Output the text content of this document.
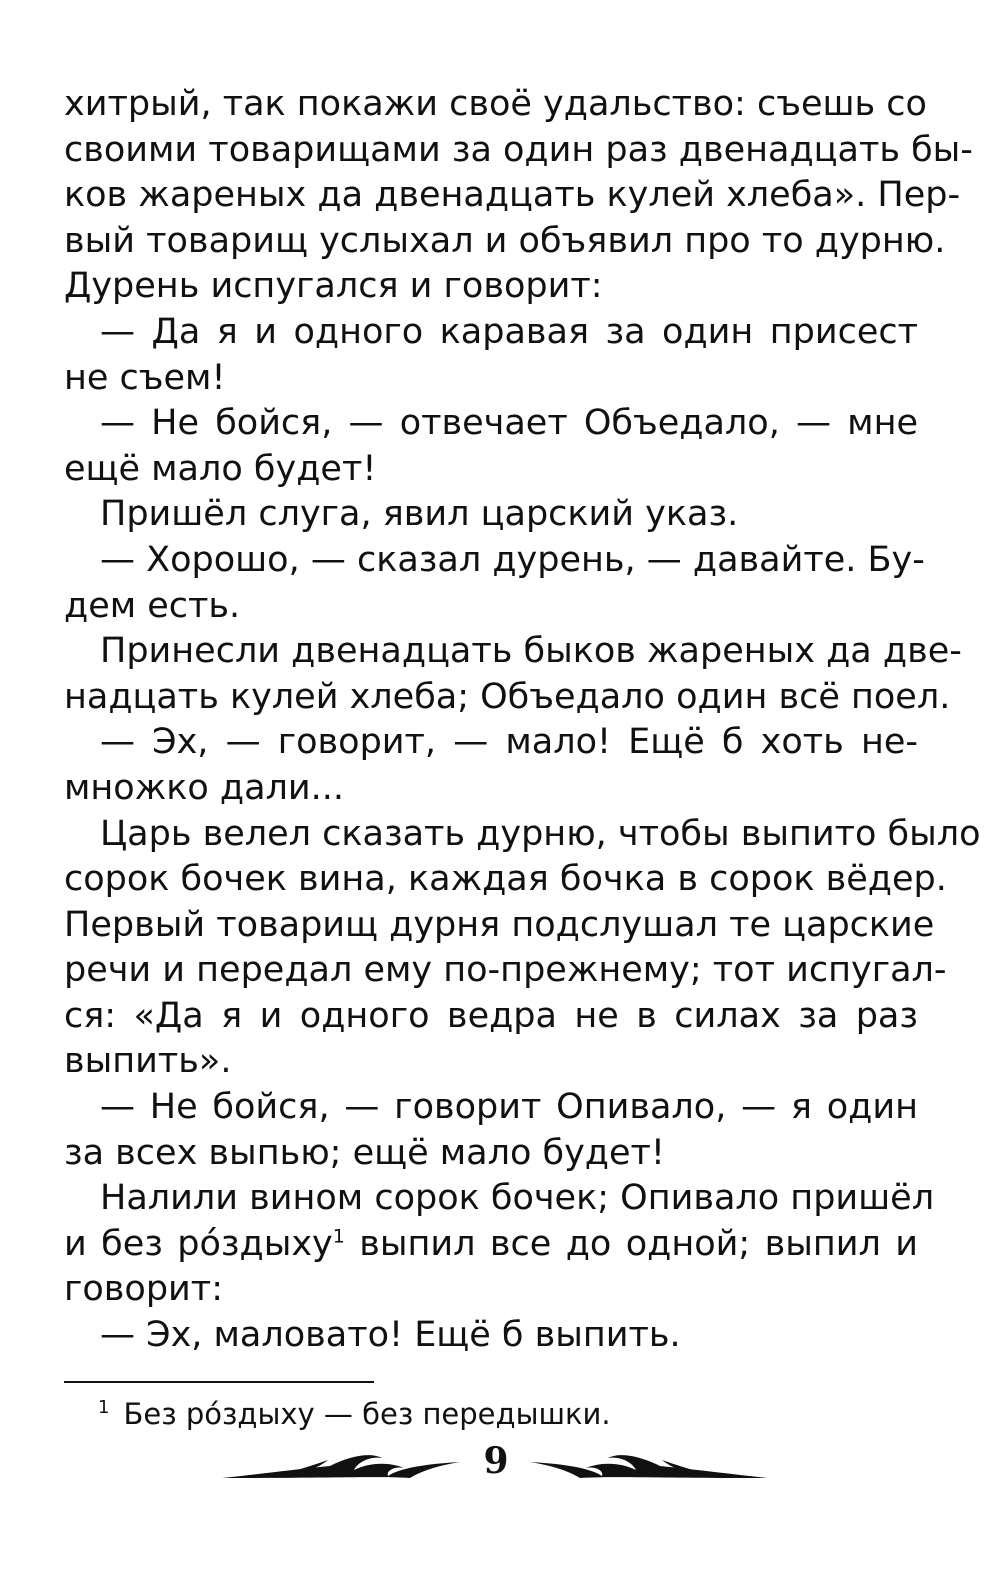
хитрый, так покажи своё удальство: съешь со
своими товарищами за один раз двенадцать бы-
ков жареных да двенадцать кулей хлеба». Пер-
вый товарищ услыхал и объявил про то дурню.
Дурень испугался и говорит:
— Да я и одного каравая за один присест
не съем!
— Не бойся, — отвечает Объедало, — мне
ещё мало будет!
Пришёл слуга, явил царский указ.
— Хорошо, — сказал дурень, — давайте. Бу-
дем есть.
Принесли двенадцать быков жареных да две-
надцать кулей хлеба; Объедало один всё поел.
— Эх, — говорит, — мало! Ещё б хоть не-
множко дали...
Царь велел сказать дурню, чтобы выпито было
сорок бочек вина, каждая бочка в сорок вёдер.
Первый товарищ дурня подслушал те царские
речи и передал ему по-прежнему; тот испугал-
ся: «Да я и одного ведра не в силах за раз
выпить».
— Не бойся, — говорит Опивало, — я один
за всех выпью; ещё мало будет!
Налили вином сорок бочек; Опивало пришёл
и без ро́здыху$^1$ выпил все до одной; выпил и
говорит:
— Эх, маловато! Ещё б выпить.
$^1$ Без ро́здыху — без передышки.
9
